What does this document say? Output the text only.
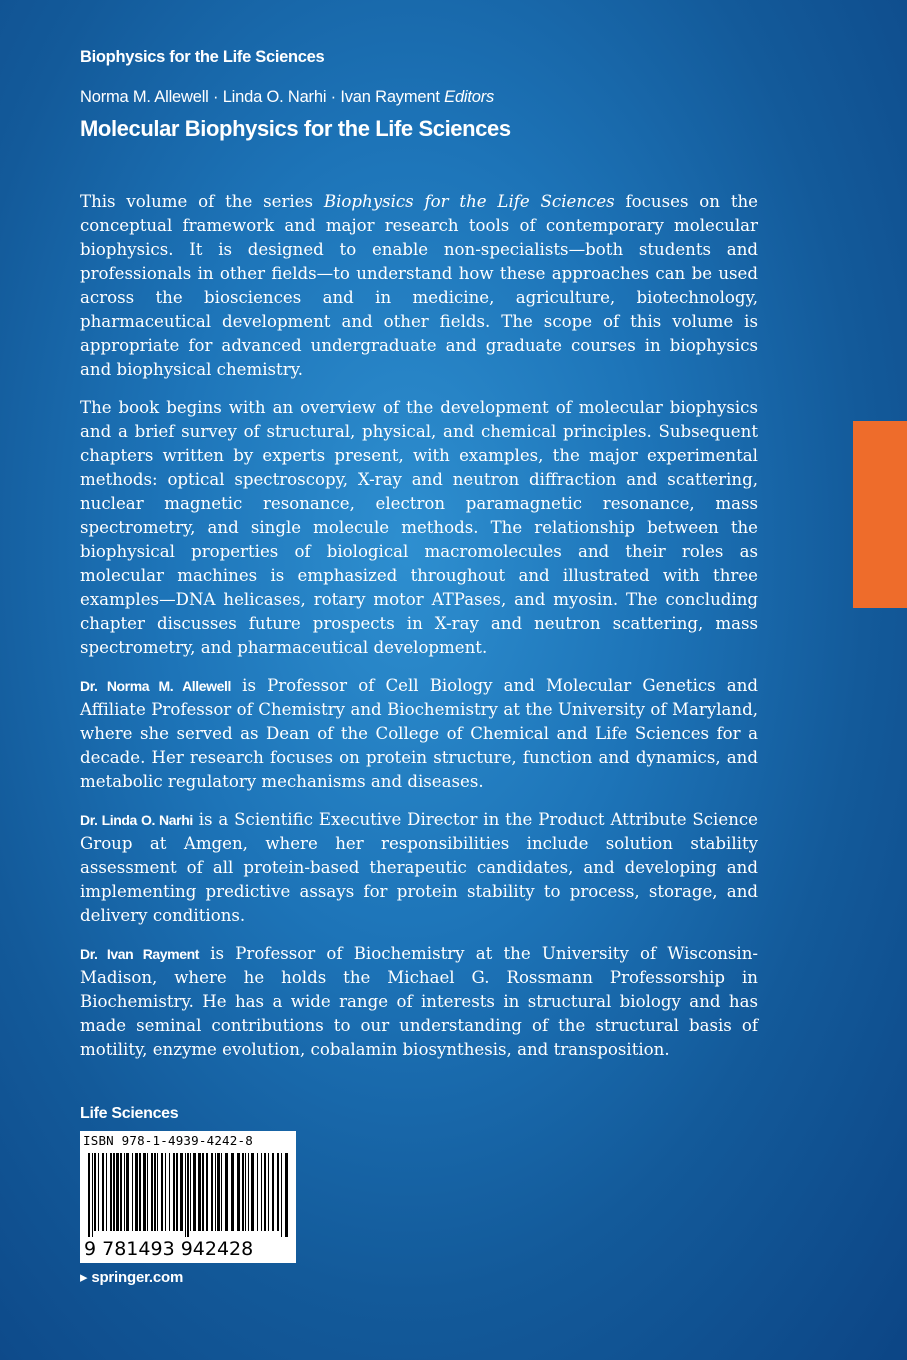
Biophysics for the Life Sciences
Norma M. Allewell · Linda O. Narhi · Ivan Rayment Editors
Molecular Biophysics for the Life Sciences

This volume of the series Biophysics for the Life Sciences focuses on the conceptual framework and major research tools of contemporary molecular biophysics. It is designed to enable non-specialists—both students and professionals in other fields—to understand how these approaches can be used across the biosciences and in medicine, agriculture, biotechnology, pharmaceutical development and other fields. The scope of this volume is appropriate for advanced undergraduate and graduate courses in biophysics and biophysical chemistry.

The book begins with an overview of the development of molecular biophysics and a brief survey of structural, physical, and chemical principles. Subsequent chapters written by experts present, with examples, the major experimental methods: optical spectroscopy, X-ray and neutron diffraction and scattering, nuclear magnetic resonance, electron paramagnetic resonance, mass spectrometry, and single molecule methods. The relationship between the biophysical properties of biological macromolecules and their roles as molecular machines is emphasized throughout and illustrated with three examples—DNA helicases, rotary motor ATPases, and myosin. The concluding chapter discusses future prospects in X-ray and neutron scattering, mass spectrometry, and pharmaceutical development.

Dr. Norma M. Allewell is Professor of Cell Biology and Molecular Genetics and Affiliate Professor of Chemistry and Biochemistry at the University of Maryland, where she served as Dean of the College of Chemical and Life Sciences for a decade. Her research focuses on protein structure, function and dynamics, and metabolic regulatory mechanisms and diseases.

Dr. Linda O. Narhi is a Scientific Executive Director in the Product Attribute Science Group at Amgen, where her responsibilities include solution stability assessment of all protein-based therapeutic candidates, and developing and implementing predictive assays for protein stability to process, storage, and delivery conditions.

Dr. Ivan Rayment is Professor of Biochemistry at the University of Wisconsin-Madison, where he holds the Michael G. Rossmann Professorship in Biochemistry. He has a wide range of interests in structural biology and has made seminal contributions to our understanding of the structural basis of motility, enzyme evolution, cobalamin biosynthesis, and transposition.

Life Sciences
ISBN 978-1-4939-4242-8
9 781493 942428
▸ springer.com
